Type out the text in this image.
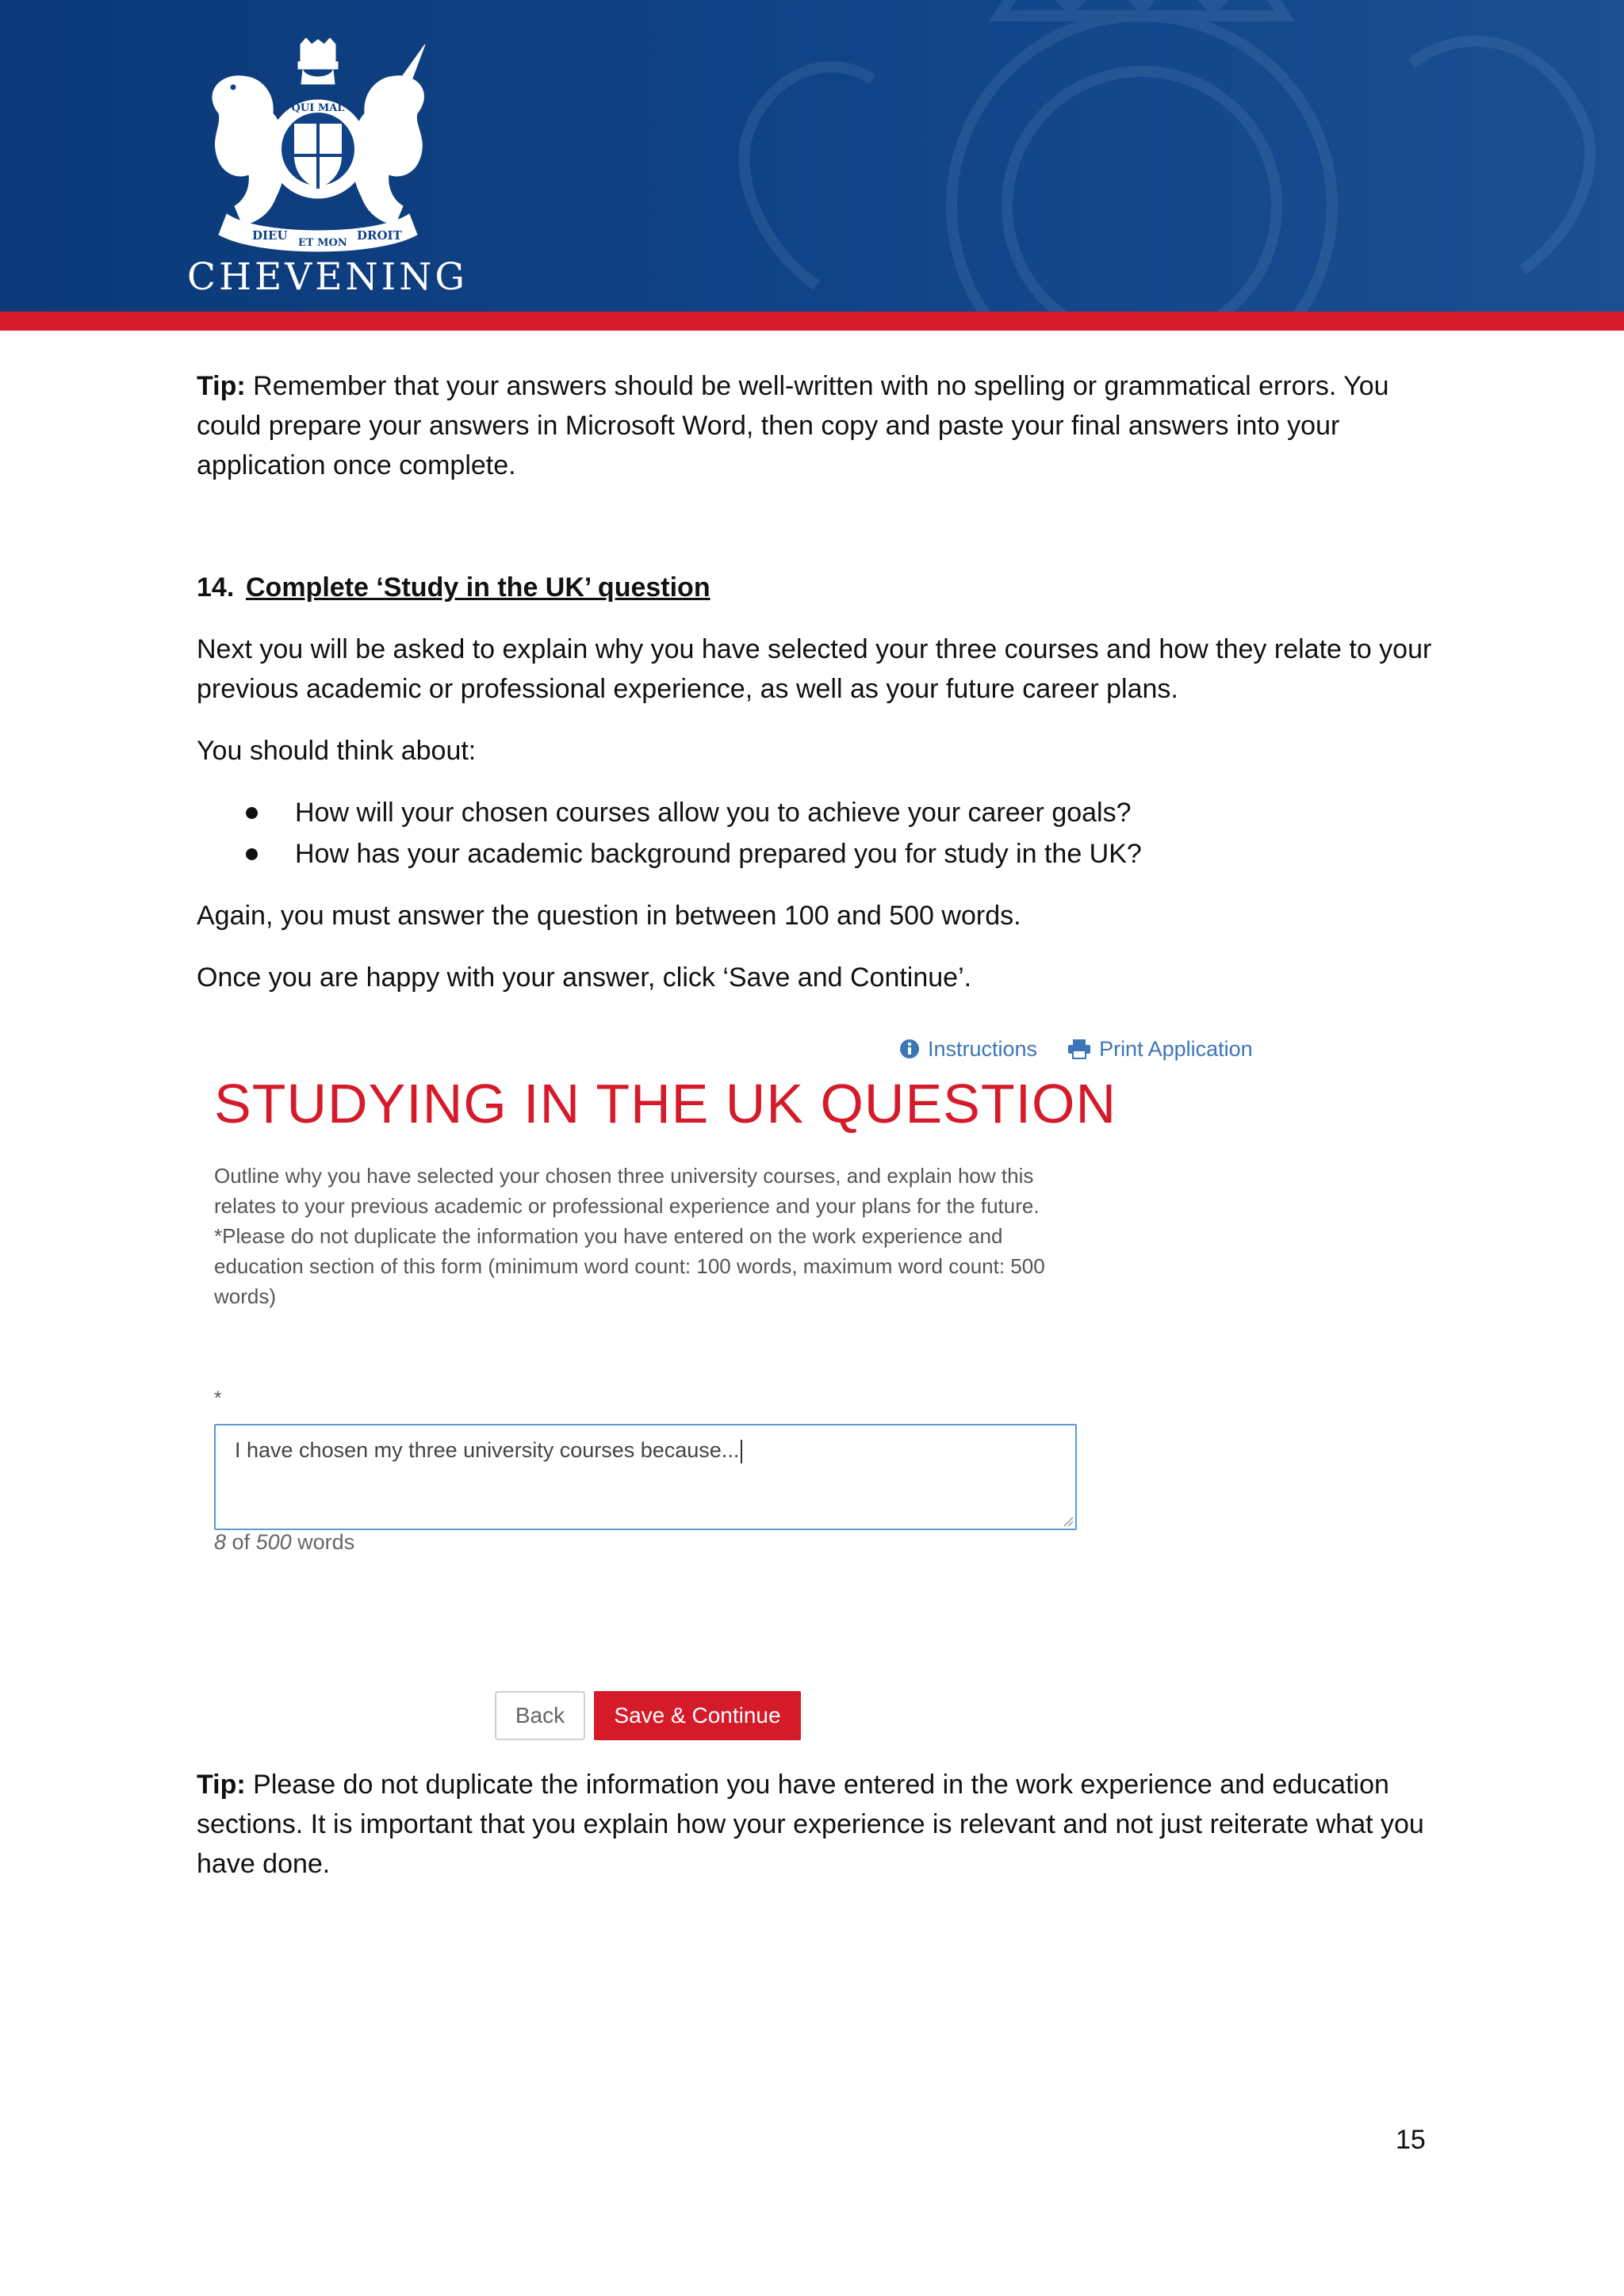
QUI MAL
DIEU
ET MON
DROIT
CHEVENING
Tip: Remember that your answers should be well-written with no spelling or grammatical errors. You could prepare your answers in Microsoft Word, then copy and paste your final answers into your application once complete.
14. Complete ‘Study in the UK’ question
Next you will be asked to explain why you have selected your three courses and how they relate to your previous academic or professional experience, as well as your future career plans.
You should think about:
How will your chosen courses allow you to achieve your career goals?
How has your academic background prepared you for study in the UK?
Again, you must answer the question in between 100 and 500 words.
Once you are happy with your answer, click ‘Save and Continue’.
Instructions	Print Application
STUDYING IN THE UK QUESTION
Outline why you have selected your chosen three university courses, and explain how this relates to your previous academic or professional experience and your plans for the future.
*Please do not duplicate the information you have entered on the work experience and education section of this form (minimum word count: 100 words, maximum word count: 500 words)
*
I have chosen my three university courses because...
8 of 500 words
Back	Save & Continue
Tip: Please do not duplicate the information you have entered in the work experience and education sections. It is important that you explain how your experience is relevant and not just reiterate what you have done.
15
